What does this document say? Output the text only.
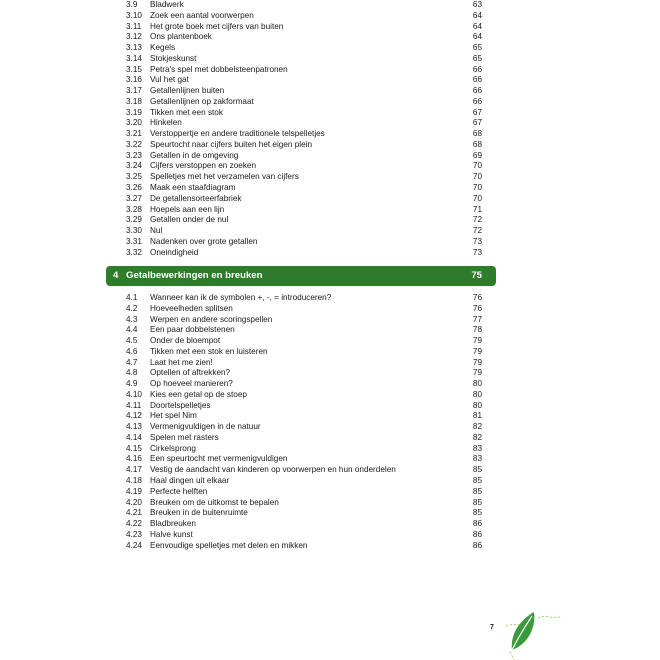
3.9 Bladwerk	63
3.10 Zoek een aantal voorwerpen	64
3.11 Het grote boek met cijfers van buiten	64
3.12 Ons plantenboek	64
3.13 Kegels	65
3.14 Stokjeskunst	65
3.15 Petra's spel met dobbelsteenpatronen	66
3.16 Vul het gat	66
3.17 Getallenlijnen buiten	66
3.18 Getallenlijnen op zakformaat	66
3.19 Tikken met een stok	67
3.20 Hinkelen	67
3.21 Verstoppertje en andere traditionele telspelletjes	68
3.22 Speurtocht naar cijfers buiten het eigen plein	68
3.23 Getallen in de omgeving	69
3.24 Cijfers verstoppen en zoeken	70
3.25 Spelletjes met het verzamelen van cijfers	70
3.26 Maak een staafdiagram	70
3.27 De getallensorteerfabriek	70
3.28 Hoepels aan een lijn	71
3.29 Getallen onder de nul	72
3.30 Nul	72
3.31 Nadenken over grote getallen	73
3.32 Oneindigheid	73
4 Getalbewerkingen en breuken	75
4.1 Wanneer kan ik de symbolen +, -, = introduceren?	76
4.2 Hoeveelheden splitsen	76
4.3 Werpen en andere scoringspellen	77
4.4 Een paar dobbelstenen	78
4.5 Onder de bloempot	79
4.6 Tikken met een stok en luisteren	79
4.7 Laat het me zien!	79
4.8 Optellen of aftrekken?	79
4.9 Op hoeveel manieren?	80
4.10 Kies een getal op de stoep	80
4.11 Doortelspelletjes	80
4.12 Het spel Nim	81
4.13 Vermenigvuldigen in de natuur	82
4.14 Spelen met rasters	82
4.15 Cirkelsprong	83
4.16 Een speurtocht met vermenigvuldigen	83
4.17 Vestig de aandacht van kinderen op voorwerpen en hun onderdelen	85
4.18 Haal dingen uit elkaar	85
4.19 Perfecte helften	85
4.20 Breuken om de uitkomst te bepalen	85
4.21 Breuken in de buitenruimte	85
4.22 Bladbreuken	86
4.23 Halve kunst	86
4.24 Eenvoudige spelletjes met delen en mikken	86
7
